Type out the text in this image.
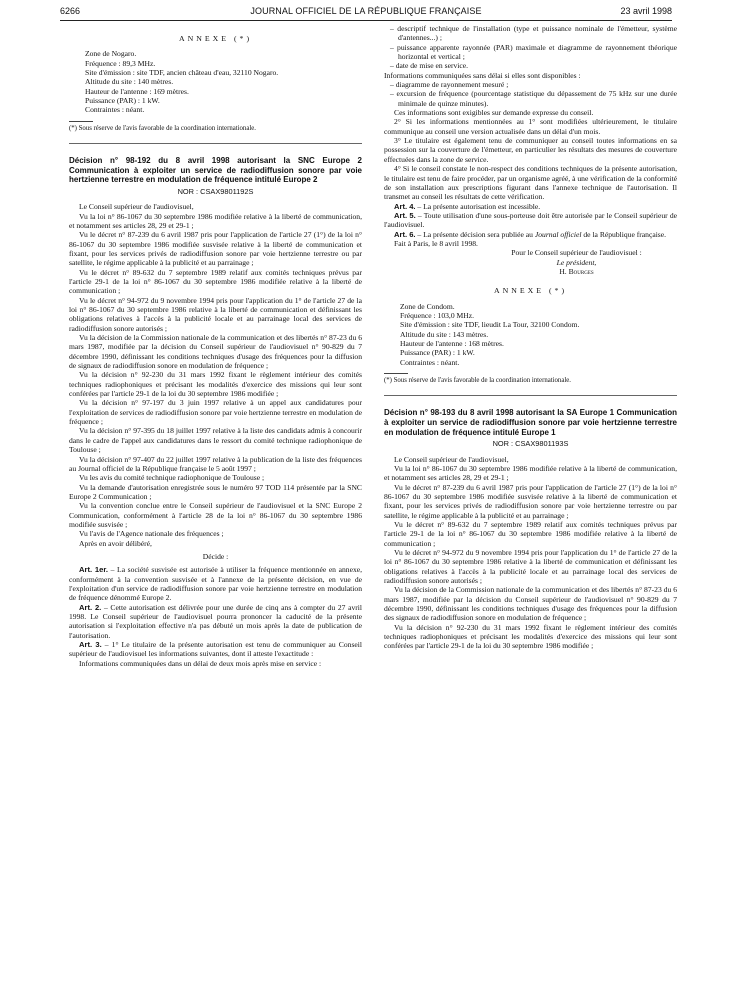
6266	JOURNAL OFFICIEL DE LA RÉPUBLIQUE FRANÇAISE	23 avril 1998

ANNEXE (*)

Zone de Nogaro.

Fréquence : 89,3 MHz.

Site d'émission : site TDF, ancien château d'eau, 32110 Nogaro.

Altitude du site : 140 mètres.

Hauteur de l'antenne : 169 mètres.

Puissance (PAR) : 1 kW.

Contraintes : néant.

(*) Sous réserve de l'avis favorable de la coordination internationale.

Décision n° 98-192 du 8 avril 1998 autorisant la SNC Europe 2 Communication à exploiter un service de radiodiffusion sonore par voie hertzienne terrestre en modulation de fréquence intitulé Europe 2

NOR : CSAX9801192S

Le Conseil supérieur de l'audiovisuel,

Vu la loi n° 86-1067 du 30 septembre 1986 modifiée relative à la liberté de communication, et notamment ses articles 28, 29 et 29-1 ;

Vu le décret n° 87-239 du 6 avril 1987 pris pour l'application de l'article 27 (1°) de la loi n° 86-1067 du 30 septembre 1986 modifiée susvisée relative à la liberté de communication et fixant, pour les services privés de radiodiffusion sonore par voie hertzienne terrestre ou par satellite, le régime applicable à la publicité et au parrainage ;

Vu le décret n° 89-632 du 7 septembre 1989 relatif aux comités techniques prévus par l'article 29-1 de la loi n° 86-1067 du 30 septembre 1986 modifiée relative à la liberté de communication ;

Vu le décret n° 94-972 du 9 novembre 1994 pris pour l'application du 1° de l'article 27 de la loi n° 86-1067 du 30 septembre 1986 relative à la liberté de communication et définissant les obligations relatives à l'accès à la publicité locale et au parrainage local des services de radiodiffusion sonore autorisés ;

Vu la décision de la Commission nationale de la communication et des libertés n° 87-23 du 6 mars 1987, modifiée par la décision du Conseil supérieur de l'audiovisuel n° 90-829 du 7 décembre 1990, définissant les conditions techniques d'usage des fréquences pour la diffusion de signaux de radiodiffusion sonore en modulation de fréquence ;

Vu la décision n° 92-230 du 31 mars 1992 fixant le règlement intérieur des comités techniques radiophoniques et précisant les modalités d'exercice des missions qui leur sont conférées par l'article 29-1 de la loi du 30 septembre 1986 modifiée ;

Vu la décision n° 97-197 du 3 juin 1997 relative à un appel aux candidatures pour l'exploitation de services de radiodiffusion sonore par voie hertzienne terrestre en modulation de fréquence ;

Vu la décision n° 97-395 du 18 juillet 1997 relative à la liste des candidats admis à concourir dans le cadre de l'appel aux candidatures dans le ressort du comité technique radiophonique de Toulouse ;

Vu la décision n° 97-407 du 22 juillet 1997 relative à la publication de la liste des fréquences au Journal officiel de la République française le 5 août 1997 ;

Vu les avis du comité technique radiophonique de Toulouse ;

Vu la demande d'autorisation enregistrée sous le numéro 97 TOD 114 présentée par la SNC Europe 2 Communication ;

Vu la convention conclue entre le Conseil supérieur de l'audiovisuel et la SNC Europe 2 Communication, conformément à l'article 28 de la loi n° 86-1067 du 30 septembre 1986 modifiée susvisée ;

Vu l'avis de l'Agence nationale des fréquences ;

Après en avoir délibéré,

Décide :

Art. 1er. – La société susvisée est autorisée à utiliser la fréquence mentionnée en annexe, conformément à la convention susvisée et à l'annexe de la présente décision, en vue de l'exploitation d'un service de radiodiffusion sonore par voie hertzienne terrestre en modulation de fréquence dénommé Europe 2.

Art. 2. – Cette autorisation est délivrée pour une durée de cinq ans à compter du 27 avril 1998. Le Conseil supérieur de l'audiovisuel pourra prononcer la caducité de la présente autorisation si l'exploitation effective n'a pas débuté un mois après la date de publication de l'autorisation.

Art. 3. – 1° Le titulaire de la présente autorisation est tenu de communiquer au Conseil supérieur de l'audiovisuel les informations suivantes, dont il atteste l'exactitude :

Informations communiquées dans un délai de deux mois après mise en service :

– descriptif technique de l'installation (type et puissance nominale de l'émetteur, système d'antennes...) ;

– puissance apparente rayonnée (PAR) maximale et diagramme de rayonnement théorique horizontal et vertical ;

– date de mise en service.

Informations communiquées sans délai si elles sont disponibles :

– diagramme de rayonnement mesuré ;

– excursion de fréquence (pourcentage statistique du dépassement de 75 kHz sur une durée minimale de quinze minutes).

Ces informations sont exigibles sur demande expresse du conseil.

2° Si les informations mentionnées au 1° sont modifiées ultérieurement, le titulaire communique au conseil une version actualisée dans un délai d'un mois.

3° Le titulaire est également tenu de communiquer au conseil toutes informations en sa possession sur la couverture de l'émetteur, en particulier les résultats des mesures de couverture effectuées dans la zone de service.

4° Si le conseil constate le non-respect des conditions techniques de la présente autorisation, le titulaire est tenu de faire procéder, par un organisme agréé, à une vérification de la conformité de son installation aux prescriptions figurant dans l'annexe technique de l'autorisation. Il transmet au conseil les résultats de cette vérification.

Art. 4. – La présente autorisation est incessible.

Art. 5. – Toute utilisation d'une sous-porteuse doit être autorisée par le Conseil supérieur de l'audiovisuel.

Art. 6. – La présente décision sera publiée au Journal officiel de la République française.

Fait à Paris, le 8 avril 1998.

Pour le Conseil supérieur de l'audiovisuel :

Le président,

H. Bourges

ANNEXE (*)

Zone de Condom.

Fréquence : 103,0 MHz.

Site d'émission : site TDF, lieudit La Tour, 32100 Condom.

Altitude du site : 143 mètres.

Hauteur de l'antenne : 168 mètres.

Puissance (PAR) : 1 kW.

Contraintes : néant.

(*) Sous réserve de l'avis favorable de la coordination internationale.

Décision n° 98-193 du 8 avril 1998 autorisant la SA Europe 1 Communication à exploiter un service de radiodiffusion sonore par voie hertzienne terrestre en modulation de fréquence intitulé Europe 1

NOR : CSAX9801193S

Le Conseil supérieur de l'audiovisuel,

Vu la loi n° 86-1067 du 30 septembre 1986 modifiée relative à la liberté de communication, et notamment ses articles 28, 29 et 29-1 ;

Vu le décret n° 87-239 du 6 avril 1987 pris pour l'application de l'article 27 (1°) de la loi n° 86-1067 du 30 septembre 1986 modifiée susvisée relative à la liberté de communication et fixant, pour les services privés de radiodiffusion sonore par voie hertzienne terrestre ou par satellite, le régime applicable à la publicité et au parrainage ;

Vu le décret n° 89-632 du 7 septembre 1989 relatif aux comités techniques prévus par l'article 29-1 de la loi n° 86-1067 du 30 septembre 1986 modifiée relative à la liberté de communication ;

Vu le décret n° 94-972 du 9 novembre 1994 pris pour l'application du 1° de l'article 27 de la loi n° 86-1067 du 30 septembre 1986 relative à la liberté de communication et définissant les obligations relatives à l'accès à la publicité locale et au parrainage local des services de radiodiffusion sonore autorisés ;

Vu la décision de la Commission nationale de la communication et des libertés n° 87-23 du 6 mars 1987, modifiée par la décision du Conseil supérieur de l'audiovisuel n° 90-829 du 7 décembre 1990, définissant les conditions techniques d'usage des fréquences pour la diffusion des signaux de radiodiffusion sonore en modulation de fréquence ;

Vu la décision n° 92-230 du 31 mars 1992 fixant le règlement intérieur des comités techniques radiophoniques et précisant les modalités d'exercice des missions qui leur sont conférées par l'article 29-1 de la loi du 30 septembre 1986 modifiée ;
